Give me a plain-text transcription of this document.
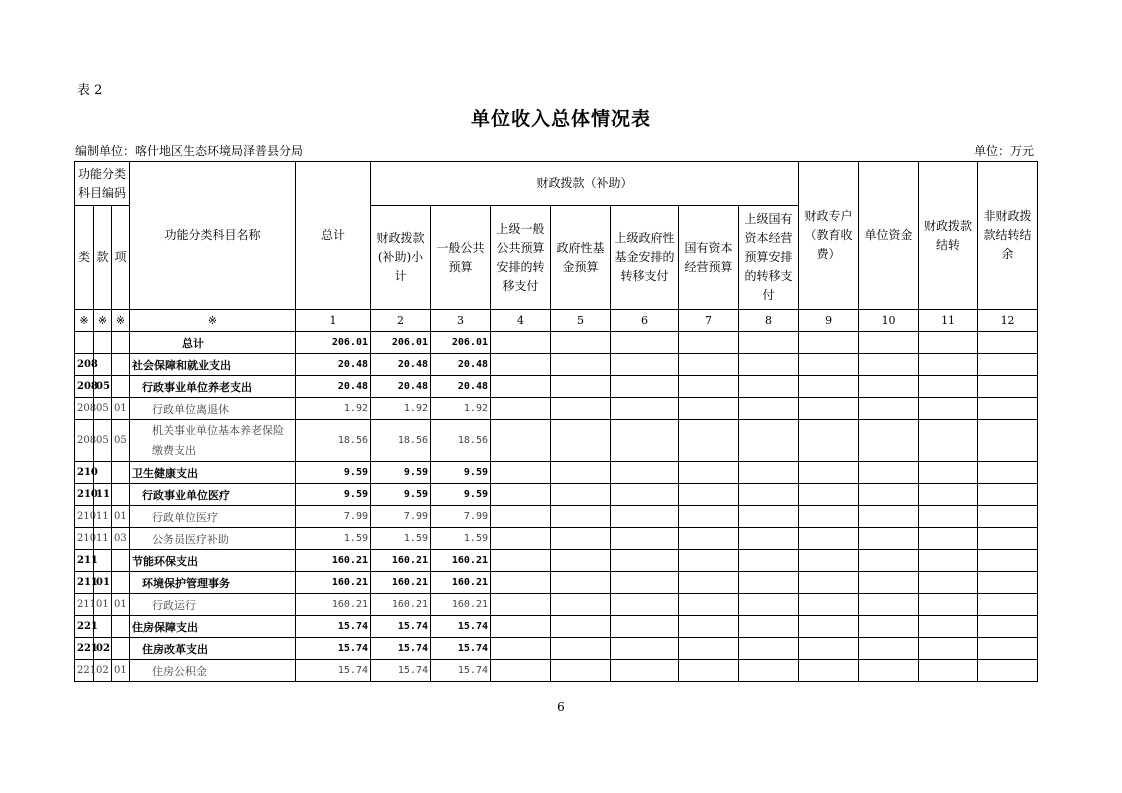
表 2
单位收入总体情况表
编制单位：喀什地区生态环境局泽普县分局	单位：万元
功能分类科目编码			功能分类科目名称	总计	财政拨款（补助）							财政专户（教育收费）	单位资金	财政拨款结转	非财政拨款结转结余
类	款	项			财政拨款(补助)小计	一般公共预算	上级一般公共预算安排的转移支付	政府性基金预算	上级政府性基金安排的转移支付	国有资本经营预算	上级国有资本经营预算安排的转移支付				

※	※	※	※	1	2	3	4	5	6	7	8	9	10	11	12
			总计	206.01	206.01	206.01									
208			社会保障和就业支出	20.48	20.48	20.48									
208	05		行政事业单位养老支出	20.48	20.48	20.48									
208	05	01	行政单位离退休	1.92	1.92	1.92									
208	05	05	机关事业单位基本养老保险缴费支出	18.56	18.56	18.56									
210			卫生健康支出	9.59	9.59	9.59									
210	11		行政事业单位医疗	9.59	9.59	9.59									
210	11	01	行政单位医疗	7.99	7.99	7.99									
210	11	03	公务员医疗补助	1.59	1.59	1.59									
211			节能环保支出	160.21	160.21	160.21									
211	01		环境保护管理事务	160.21	160.21	160.21									
211	01	01	行政运行	160.21	160.21	160.21									
221			住房保障支出	15.74	15.74	15.74									
221	02		住房改革支出	15.74	15.74	15.74									
221	02	01	住房公积金	15.74	15.74	15.74									
6
